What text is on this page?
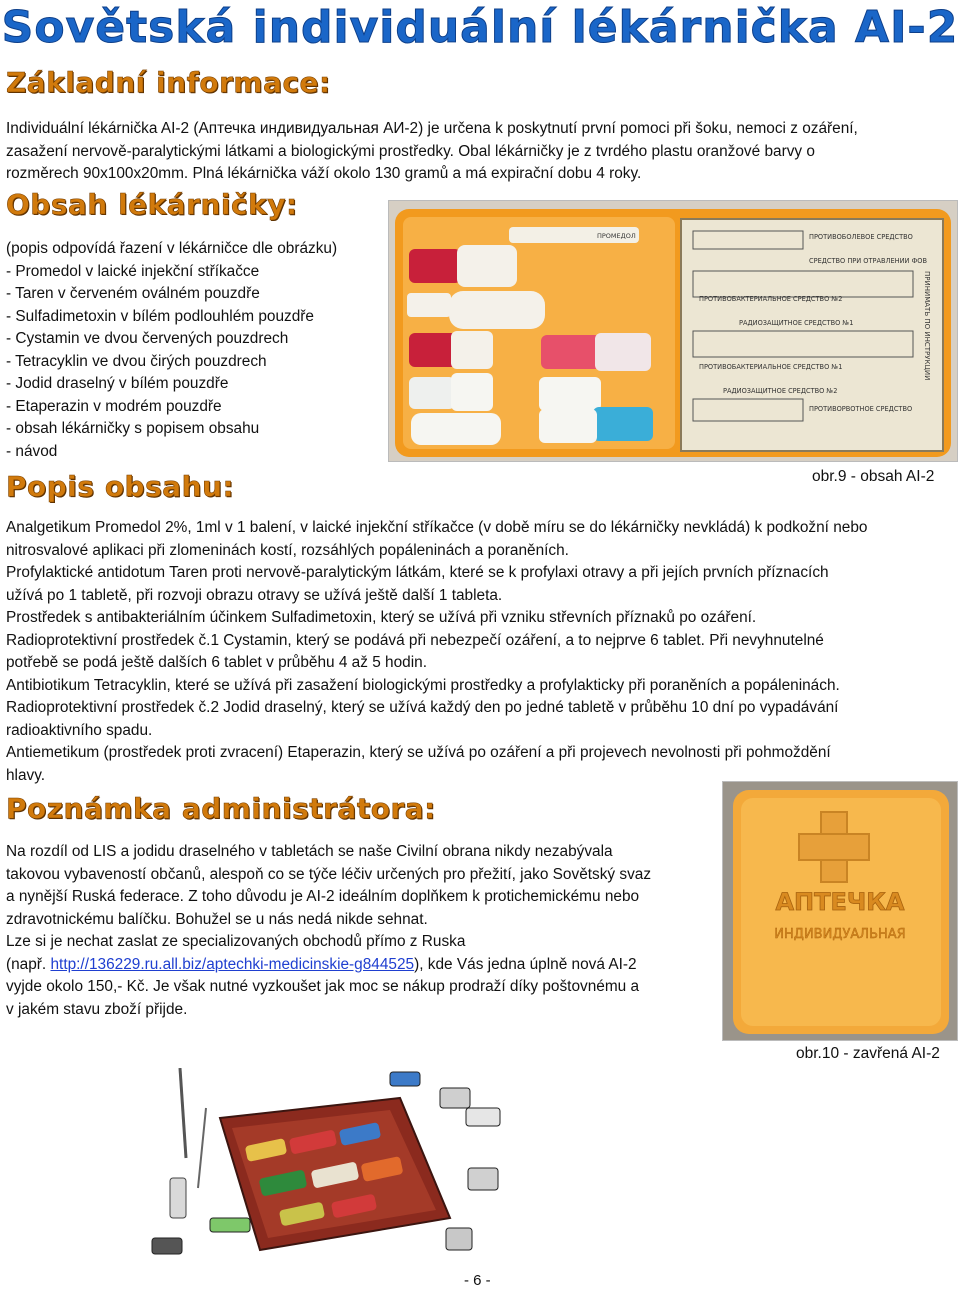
Sovětská individuální lékárnička AI-2
Základní informace:
Individuální lékárnička AI-2 (Аптечка индивидуальная АИ-2) je určena k poskytnutí první pomoci při šoku, nemoci z ozáření,
zasažení nervově-paralytickými látkami a biologickými prostředky. Obal lékárničky je z tvrdého plastu oranžové barvy o
rozměrech 90x100x20mm. Plná lékárnička váží okolo 130 gramů a má expirační dobu 4 roky.
Obsah lékárničky:
(popis odpovídá řazení v lékárničce dle obrázku)
- Promedol v laické injekční stříkačce
- Taren v červeném oválném pouzdře
- Sulfadimetoxin v bílém podlouhlém pouzdře
- Cystamin ve dvou červených pouzdrech
- Tetracyklin ve dvou čirých pouzdrech
- Jodid draselný v bílém pouzdře
- Etaperazin v modrém pouzdře
- obsah lékárničky s popisem obsahu
- návod
ПРОТИВОБОЛЕВОЕ СРЕДСТВО
СРЕДСТВО ПРИ ОТРАВЛЕНИИ ФОВ
ПРОТИВОБАКТЕРИАЛЬНОЕ СРЕДСТВО №2
РАДИОЗАЩИТНОЕ СРЕДСТВО №1
ПРОТИВОБАКТЕРИАЛЬНОЕ СРЕДСТВО №1
РАДИОЗАЩИТНОЕ СРЕДСТВО №2
ПРОТИВОРВОТНОЕ СРЕДСТВО
ПРИНИМАТЬ ПО ИНСТРУКЦИИ
ПРОМЕДОЛ
Popis obsahu:	obr.9 - obsah AI-2
Analgetikum Promedol 2%, 1ml v 1 balení, v laické injekční stříkačce (v době míru se do lékárničky nevkládá) k podkožní nebo
nitrosvalové aplikaci při zlomeninách kostí, rozsáhlých popáleninách a poraněních.
Profylaktické antidotum Taren proti nervově-paralytickým látkám, které se k profylaxi otravy a při jejích prvních příznacích
užívá po 1 tabletě, při rozvoji obrazu otravy se užívá ještě další 1 tableta.
Prostředek s antibakteriálním účinkem Sulfadimetoxin, který se užívá při vzniku střevních příznaků po ozáření.
Radioprotektivní prostředek č.1 Cystamin, který se podává při nebezpečí ozáření, a to nejprve 6 tablet. Při nevyhnutelné
potřebě se podá ještě dalších 6 tablet v průběhu 4 až 5 hodin.
Antibiotikum Tetracyklin, které se užívá při zasažení biologickými prostředky a profylakticky při poraněních a popáleninách.
Radioprotektivní prostředek č.2 Jodid draselný, který se užívá každý den po jedné tabletě v průběhu 10 dní po vypadávání
radioaktivního spadu.
Antiemetikum (prostředek proti zvracení) Etaperazin, který se užívá po ozáření a při projevech nevolnosti při pohmoždění
hlavy.
Poznámka administrátora:
Na rozdíl od LIS a jodidu draselného v tabletách se naše Civilní obrana nikdy nezabývala
takovou vybaveností občanů, alespoň co se týče léčiv určených pro přežití, jako Sovětský svaz
a nynější Ruská federace. Z toho důvodu je AI-2 ideálním doplňkem k protichemickému nebo
zdravotnickému balíčku. Bohužel se u nás nedá nikde sehnat.
Lze si je nechat zaslat ze specializovaných obchodů přímo z Ruska
(např. http://136229.ru.all.biz/aptechki-medicinskie-g844525), kde Vás jedna úplně nová AI-2
vyjde okolo 150,- Kč. Je však nutné vyzkoušet jak moc se nákup prodraží díky poštovnému a
v jakém stavu zboží přijde.
АПТЕЧКА
ИНДИВИДУАЛЬНАЯ
obr.10 - zavřená AI-2
- 6 -
